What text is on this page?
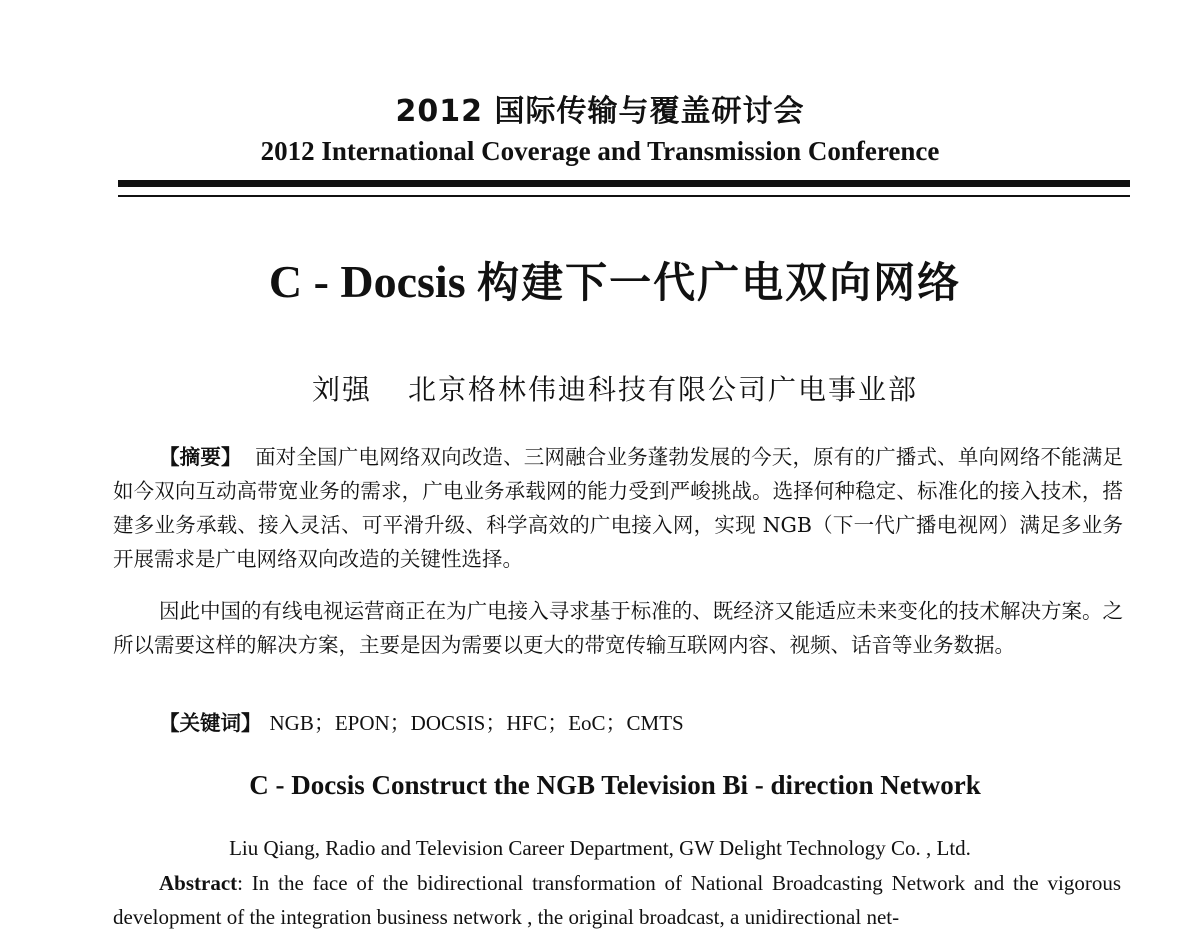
2012 国际传输与覆盖研讨会
2012 International Coverage and Transmission Conference
C - Docsis 构建下一代广电双向网络
刘强 北京格林伟迪科技有限公司广电事业部
【摘要】 面对全国广电网络双向改造、三网融合业务蓬勃发展的今天，原有的广播式、单向网络不能满足如今双向互动高带宽业务的需求，广电业务承载网的能力受到严峻挑战。选择何种稳定、标准化的接入技术，搭建多业务承载、接入灵活、可平滑升级、科学高效的广电接入网，实现 NGB（下一代广播电视网）满足多业务开展需求是广电网络双向改造的关键性选择。
因此中国的有线电视运营商正在为广电接入寻求基于标准的、既经济又能适应未来变化的技术解决方案。之所以需要这样的解决方案，主要是因为需要以更大的带宽传输互联网内容、视频、话音等业务数据。
【关键词】 NGB；EPON；DOCSIS；HFC；EoC；CMTS
C - Docsis Construct the NGB Television Bi - direction Network
Liu Qiang, Radio and Television Career Department, GW Delight Technology Co. , Ltd.
Abstract: In the face of the bidirectional transformation of National Broadcasting Network and the vigorous development of the integration business network , the original broadcast, a unidirectional net-
